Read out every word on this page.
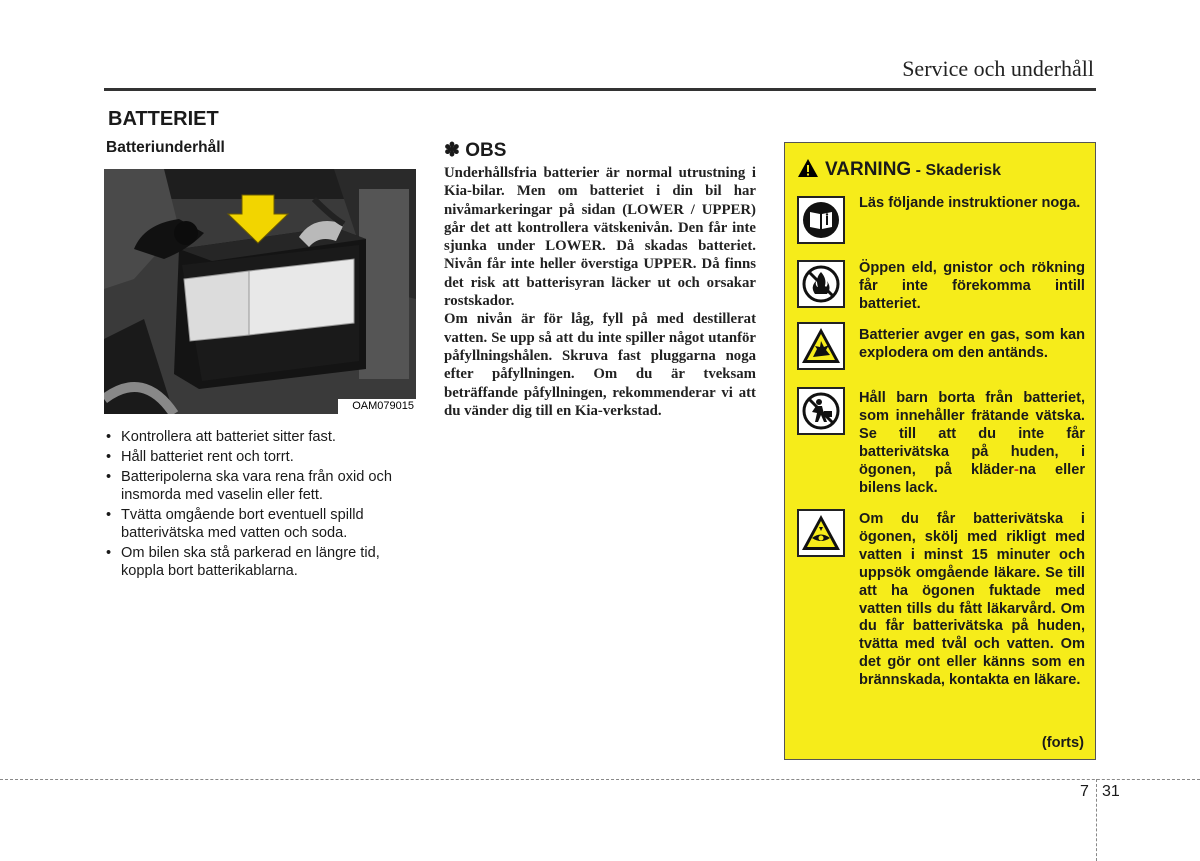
Service och underhåll
BATTERIET
Batteriunderhåll
OAM079015
• Kontrollera att batteriet sitter fast.
• Håll batteriet rent och torrt.
• Batteripolerna ska vara rena från oxid och insmorda med vaselin eller fett.
• Tvätta omgående bort eventuell spilld batterivätska med vatten och soda.
• Om bilen ska stå parkerad en längre tid, koppla bort batterikablarna.
✽ OBS

Underhållsfria batterier är normal utrustning i Kia-bilar. Men om batteriet i din bil har nivåmarkeringar på sidan (LOWER / UPPER) går det att kontrollera vätskenivån. Den får inte sjunka under LOWER. Då skadas batteriet. Nivån får inte heller överstiga UPPER. Då finns det risk att batterisyran läcker ut och orsakar rostskador.

Om nivån är för låg, fyll på med destillerat vatten. Se upp så att du inte spiller något utanför påfyllningshålen. Skruva fast pluggarna noga efter påfyllningen. Om du är tveksam beträffande påfyllningen, rekommenderar vi att du vänder dig till en Kia-verkstad.

VARNING - Skaderisk
Läs följande instruktioner noga.
Öppen eld, gnistor och rökning får inte förekomma intill batteriet.
Batterier avger en gas, som kan explodera om den antänds.
Håll barn borta från batteriet, som innehåller frätande vätska. Se till att du inte får batterivätska på huden, i ögonen, på kläder-na eller bilens lack.
Om du får batterivätska i ögonen, skölj med rikligt med vatten i minst 15 minuter och uppsök omgående läkare. Se till att ha ögonen fuktade med vatten tills du fått läkarvård. Om du får batterivätska på huden, tvätta med tvål och vatten. Om det gör ont eller känns som en brännskada, kontakta en läkare.
(forts)
7 31
